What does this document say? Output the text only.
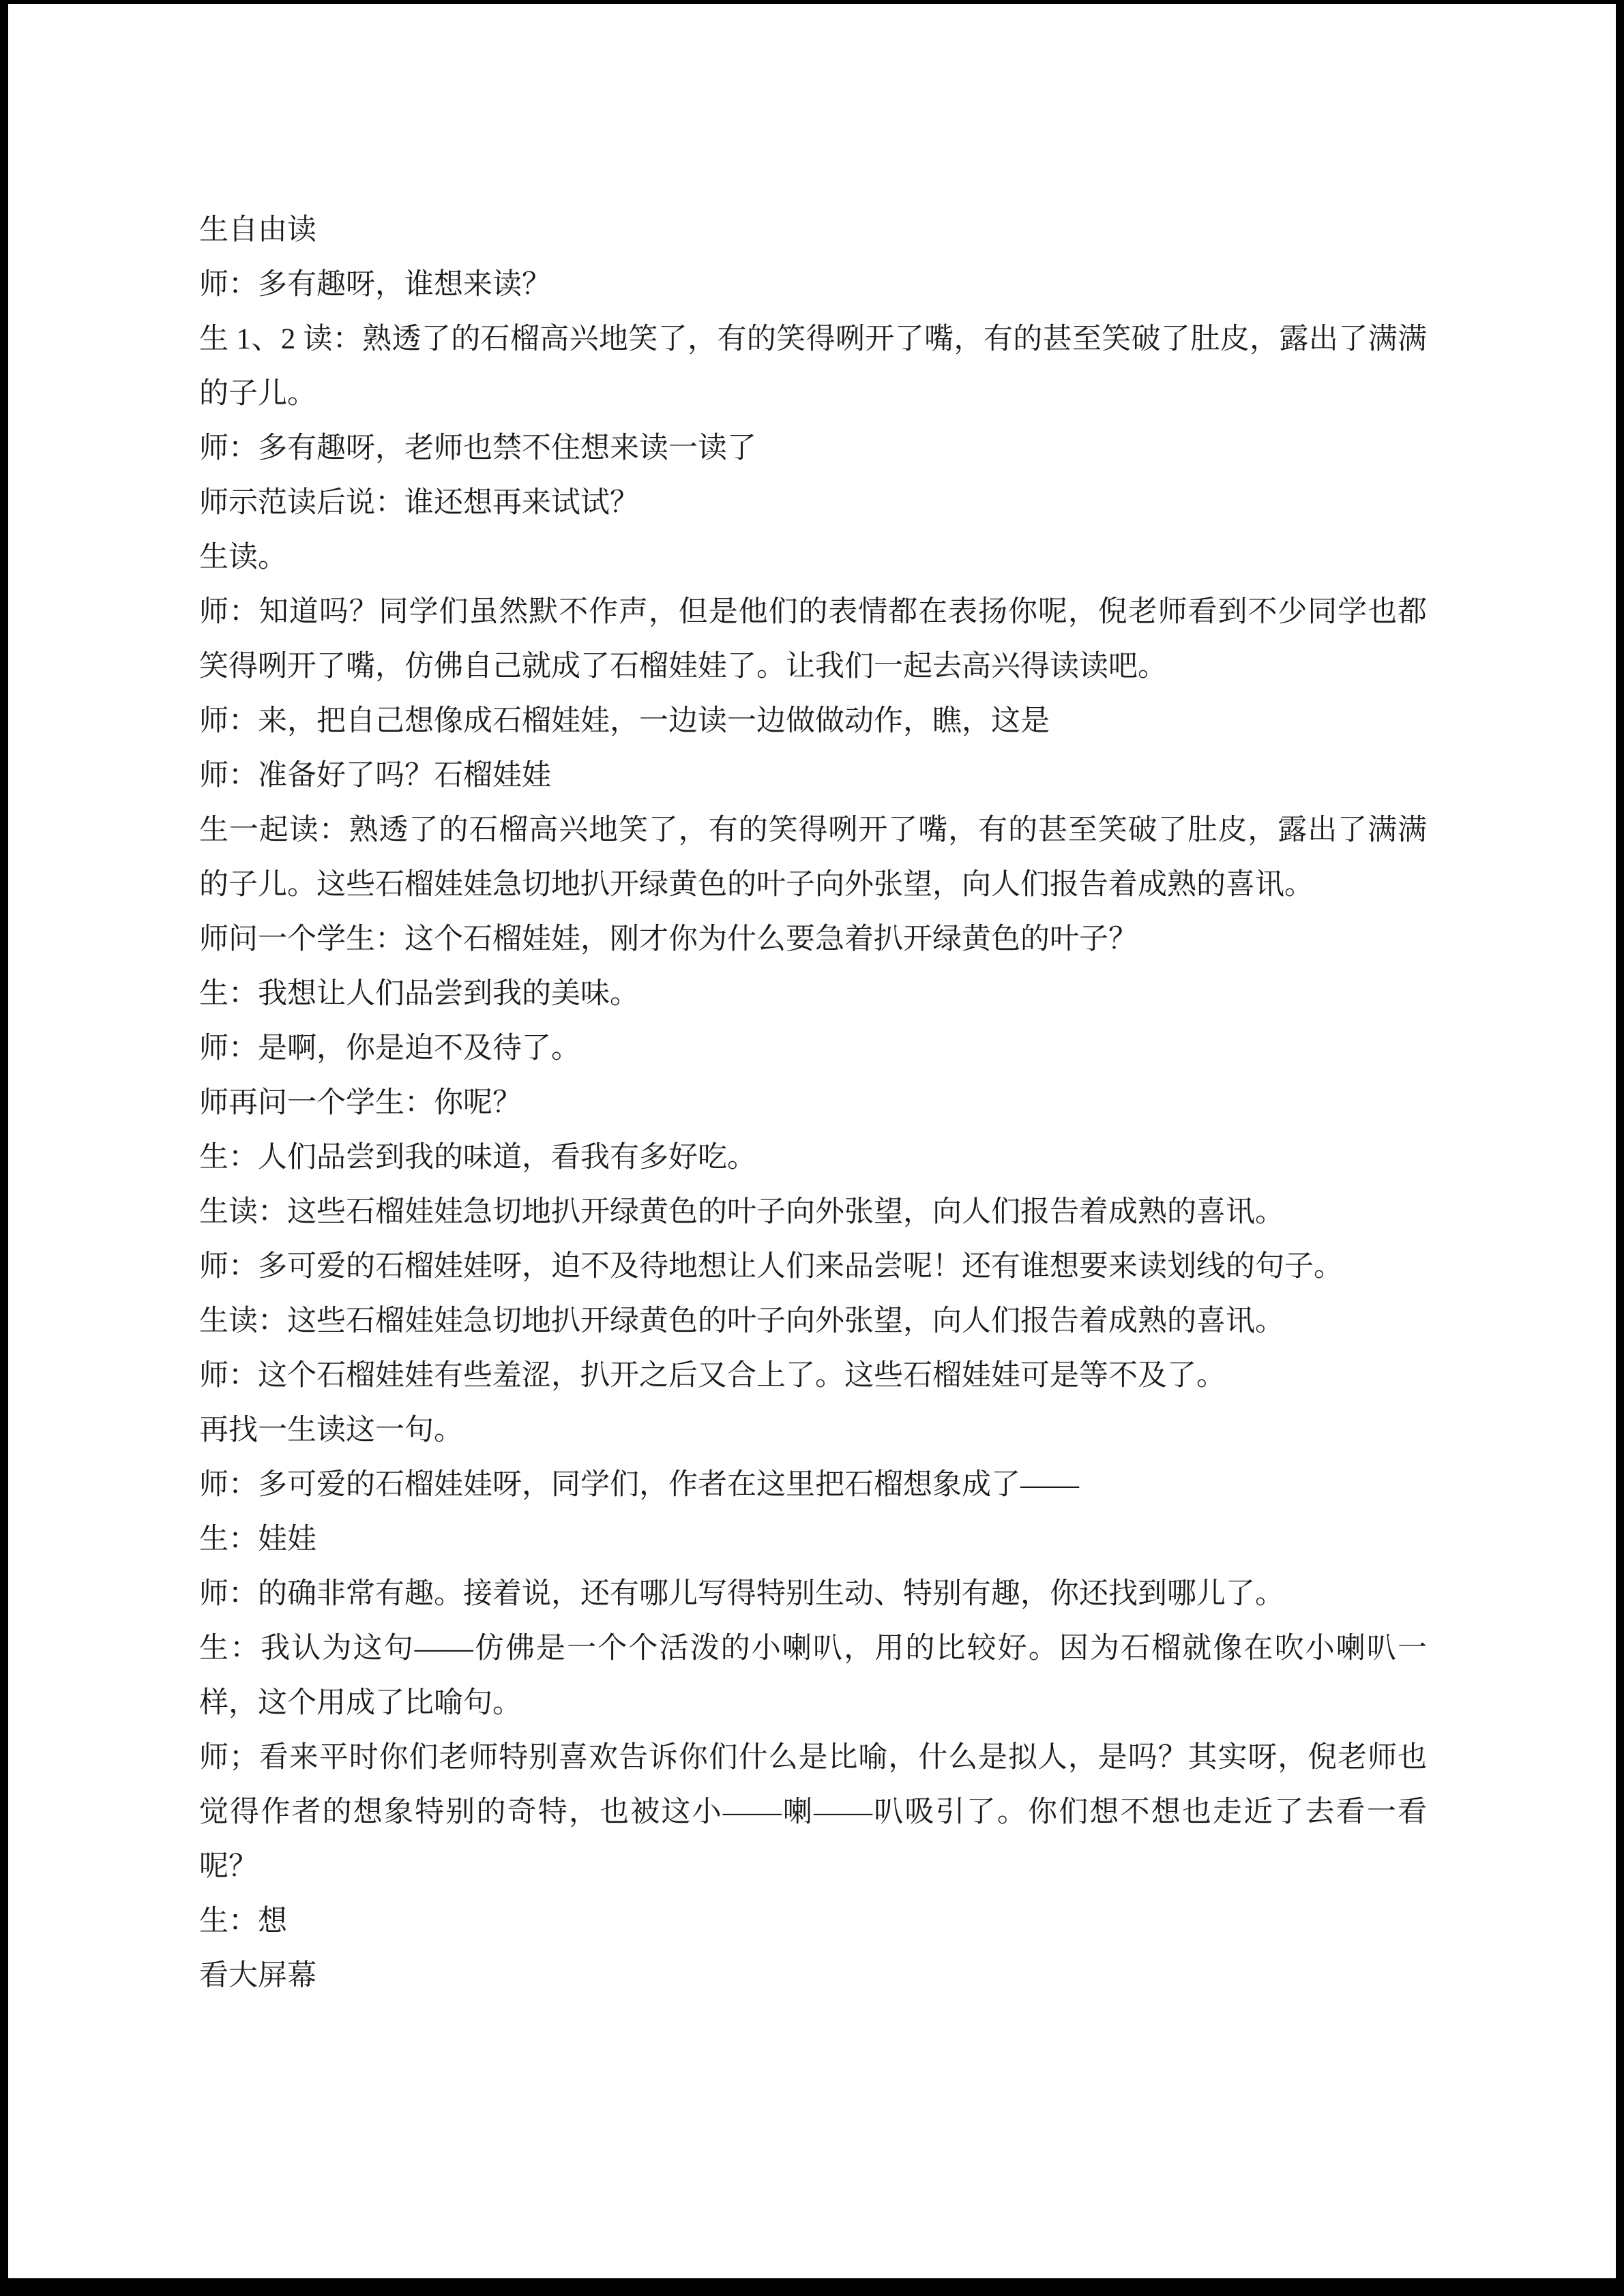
生自由读
师：多有趣呀，谁想来读？
生 1、2 读：熟透了的石榴高兴地笑了，有的笑得咧开了嘴，有的甚至笑破了肚皮，露出了满满的子儿。
师：多有趣呀，老师也禁不住想来读一读了
师示范读后说：谁还想再来试试？
生读。
师：知道吗？同学们虽然默不作声，但是他们的表情都在表扬你呢，倪老师看到不少同学也都笑得咧开了嘴，仿佛自己就成了石榴娃娃了。让我们一起去高兴得读读吧。
师：来，把自己想像成石榴娃娃，一边读一边做做动作，瞧，这是
师：准备好了吗？石榴娃娃
生一起读：熟透了的石榴高兴地笑了，有的笑得咧开了嘴，有的甚至笑破了肚皮，露出了满满的子儿。这些石榴娃娃急切地扒开绿黄色的叶子向外张望，向人们报告着成熟的喜讯。
师问一个学生：这个石榴娃娃，刚才你为什么要急着扒开绿黄色的叶子？
生：我想让人们品尝到我的美味。
师：是啊，你是迫不及待了。
师再问一个学生：你呢？
生：人们品尝到我的味道，看我有多好吃。
生读：这些石榴娃娃急切地扒开绿黄色的叶子向外张望，向人们报告着成熟的喜讯。
师：多可爱的石榴娃娃呀，迫不及待地想让人们来品尝呢！还有谁想要来读划线的句子。
生读：这些石榴娃娃急切地扒开绿黄色的叶子向外张望，向人们报告着成熟的喜讯。
师：这个石榴娃娃有些羞涩，扒开之后又合上了。这些石榴娃娃可是等不及了。
再找一生读这一句。
师：多可爱的石榴娃娃呀，同学们，作者在这里把石榴想象成了——
生：娃娃
师：的确非常有趣。接着说，还有哪儿写得特别生动、特别有趣，你还找到哪儿了。
生：我认为这句——仿佛是一个个活泼的小喇叭，用的比较好。因为石榴就像在吹小喇叭一样，这个用成了比喻句。
师；看来平时你们老师特别喜欢告诉你们什么是比喻，什么是拟人，是吗？其实呀，倪老师也觉得作者的想象特别的奇特，也被这小——喇——叭吸引了。你们想不想也走近了去看一看呢？
生：想
看大屏幕
